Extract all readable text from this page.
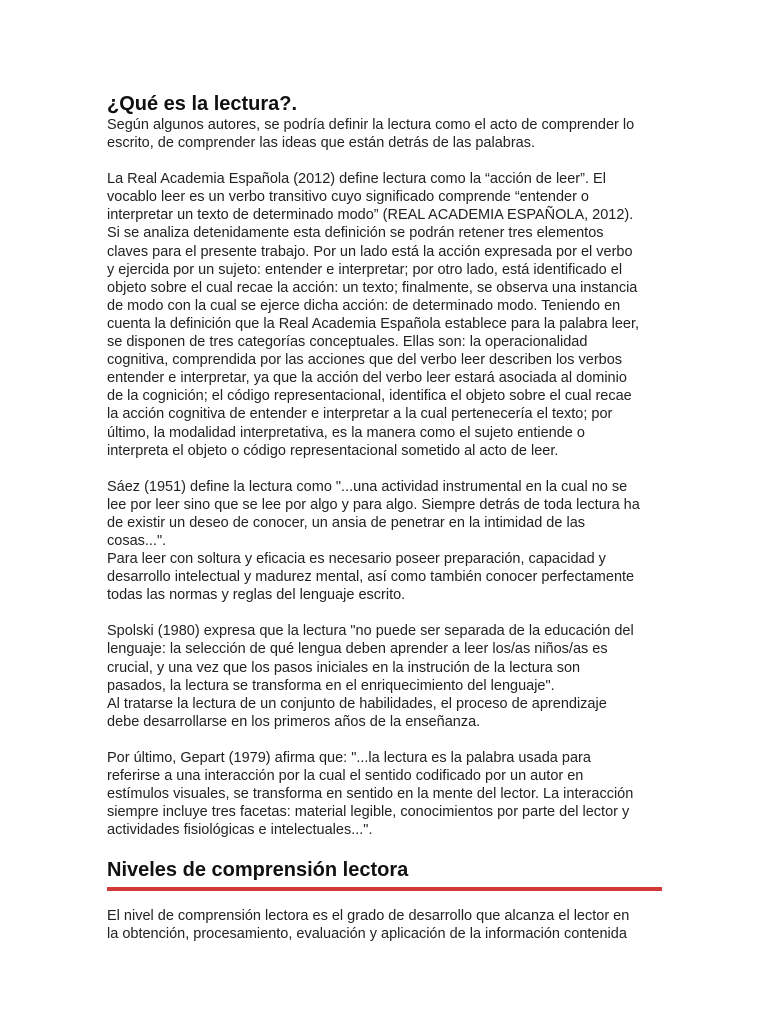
¿Qué es la lectura?.

Según algunos autores, se podría definir la lectura como el acto de comprender lo
escrito, de comprender las ideas que están detrás de las palabras.

La Real Academia Española (2012) define lectura como la “acción de leer”. El
vocablo leer es un verbo transitivo cuyo significado comprende “entender o
interpretar un texto de determinado modo” (REAL ACADEMIA ESPAÑOLA, 2012).
Si se analiza detenidamente esta definición se podrán retener tres elementos
claves para el presente trabajo. Por un lado está la acción expresada por el verbo
y ejercida por un sujeto: entender e interpretar; por otro lado, está identificado el
objeto sobre el cual recae la acción: un texto; finalmente, se observa una instancia
de modo con la cual se ejerce dicha acción: de determinado modo. Teniendo en
cuenta la definición que la Real Academia Española establece para la palabra leer,
se disponen de tres categorías conceptuales. Ellas son: la operacionalidad
cognitiva, comprendida por las acciones que del verbo leer describen los verbos
entender e interpretar, ya que la acción del verbo leer estará asociada al dominio
de la cognición; el código representacional, identifica el objeto sobre el cual recae
la acción cognitiva de entender e interpretar a la cual pertenecería el texto; por
último, la modalidad interpretativa, es la manera como el sujeto entiende o
interpreta el objeto o código representacional sometido al acto de leer.

Sáez (1951) define la lectura como "...una actividad instrumental en la cual no se
lee por leer sino que se lee por algo y para algo. Siempre detrás de toda lectura ha
de existir un deseo de conocer, un ansia de penetrar en la intimidad de las
cosas...".
Para leer con soltura y eficacia es necesario poseer preparación, capacidad y
desarrollo intelectual y madurez mental, así como también conocer perfectamente
todas las normas y reglas del lenguaje escrito.

Spolski (1980) expresa que la lectura "no puede ser separada de la educación del
lenguaje: la selección de qué lengua deben aprender a leer los/as niños/as es
crucial, y una vez que los pasos iniciales en la instrución de la lectura son
pasados, la lectura se transforma en el enriquecimiento del lenguaje".
Al tratarse la lectura de un conjunto de habilidades, el proceso de aprendizaje
debe desarrollarse en los primeros años de la enseñanza.

Por último, Gepart (1979) afirma que: "...la lectura es la palabra usada para
referirse a una interacción por la cual el sentido codificado por un autor en
estímulos visuales, se transforma en sentido en la mente del lector. La interacción
siempre incluye tres facetas: material legible, conocimientos por parte del lector y
actividades fisiológicas e intelectuales...".

Niveles de comprensión lectora

El nivel de comprensión lectora es el grado de desarrollo que alcanza el lector en
la obtención, procesamiento, evaluación y aplicación de la información contenida
